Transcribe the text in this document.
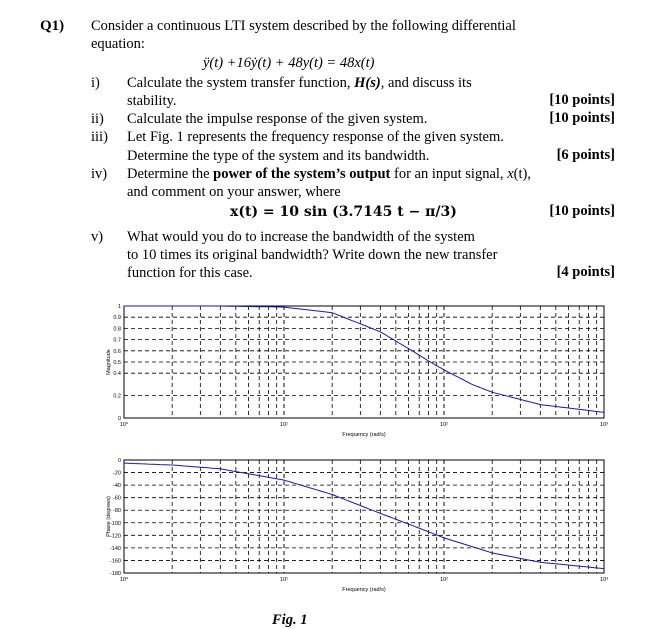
Q1) Consider a continuous LTI system described by the following differential
equation:
ÿ(t) +16ẏ(t) + 48y(t) = 48x(t)
i) Calculate the system transfer function, H(s), and discuss its
stability.	[10 points]
ii) Calculate the impulse response of the given system.	[10 points]
iii) Let Fig. 1 represents the frequency response of the given system.
Determine the type of the system and its bandwidth.	[6 points]
iv) Determine the power of the system’s output for an input signal, x(t),
and comment on your answer, where
x(t) = 10 sin (3.7145 t − π/3)	[10 points]
v) What would you do to increase the bandwidth of the system
to 10 times its original bandwidth? Write down the new transfer
function for this case.	[4 points]
1
0.9
0.8
0.7
0.6
0.5
0.4
0.2
0
10⁰	10¹	10²	10³
Frequency (rad/s)
Magnitude
0
-20
-40
-60
-80
-100
-120
-140
-160
-180
10⁰	10¹	10²	10³
Frequency (rad/s)
Phase (degrees)
Fig. 1
